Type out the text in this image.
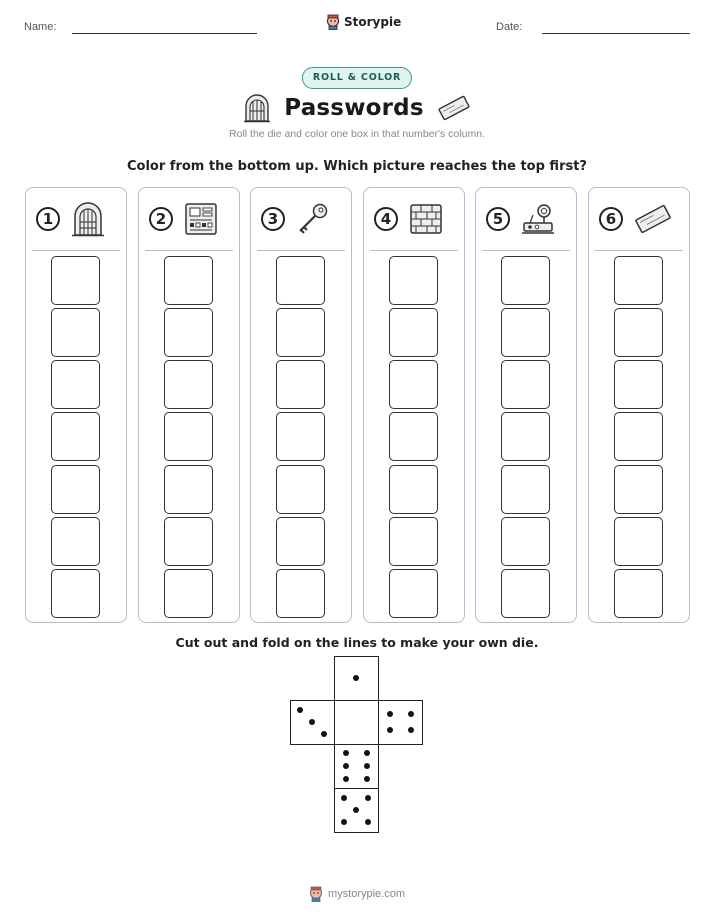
Name:	Storypie	Date:
ROLL & COLOR
Passwords
Roll the die and color one box in that number's column.
Color from the bottom up. Which picture reaches the top first?
1	2	3	4	5	6
Cut out and fold on the lines to make your own die.
mystorypie.com
